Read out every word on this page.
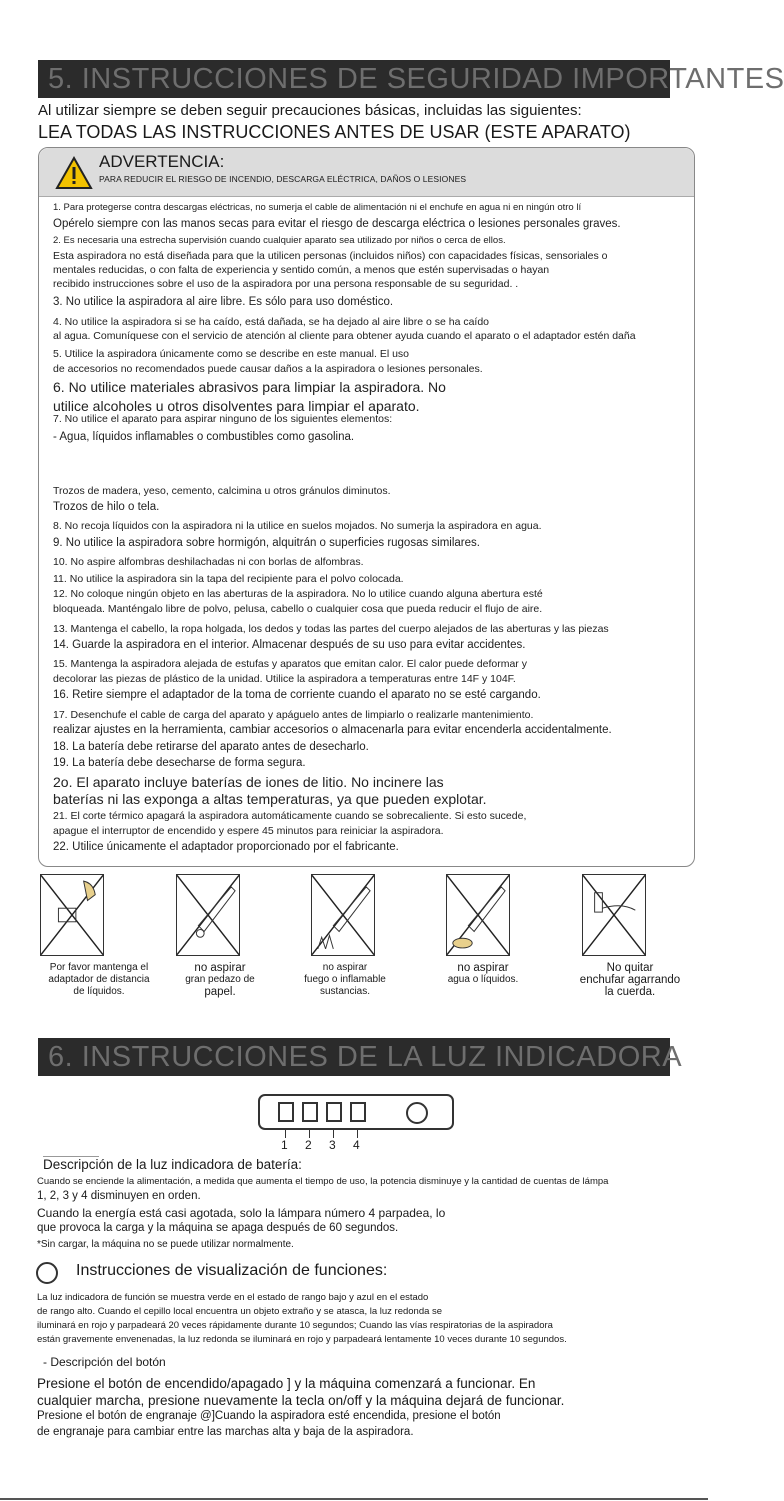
5. INSTRUCCIONES DE SEGURIDAD IMPORTANTES
Al utilizar siempre se deben seguir precauciones básicas, incluidas las siguientes:
LEA TODAS LAS INSTRUCCIONES ANTES DE USAR (ESTE APARATO)
ADVERTENCIA:
PARA REDUCIR EL RIESGO DE INCENDIO, DESCARGA ELÉCTRICA, DAÑOS O LESIONES
1. Para protegerse contra descargas eléctricas, no sumerja el cable de alimentación ni el enchufe en agua ni en ningún otro lí
Opérelo siempre con las manos secas para evitar el riesgo de descarga eléctrica o lesiones personales graves.
2. Es necesaria una estrecha supervisión cuando cualquier aparato sea utilizado por niños o cerca de ellos.
Esta aspiradora no está diseñada para que la utilicen personas (incluidos niños) con capacidades físicas, sensoriales o
mentales reducidas, o con falta de experiencia y sentido común, a menos que estén supervisadas o hayan
recibido instrucciones sobre el uso de la aspiradora por una persona responsable de su seguridad. .
3. No utilice la aspiradora al aire libre. Es sólo para uso doméstico.
4. No utilice la aspiradora si se ha caído, está dañada, se ha dejado al aire libre o se ha caído
al agua. Comuníquese con el servicio de atención al cliente para obtener ayuda cuando el aparato o el adaptador estén daña
5. Utilice la aspiradora únicamente como se describe en este manual. El uso
de accesorios no recomendados puede causar daños a la aspiradora o lesiones personales.
6. No utilice materiales abrasivos para limpiar la aspiradora. No
utilice alcoholes u otros disolventes para limpiar el aparato.
7. No utilice el aparato para aspirar ninguno de los siguientes elementos:
- Agua, líquidos inflamables o combustibles como gasolina.
Trozos de madera, yeso, cemento, calcimina u otros gránulos diminutos.
Trozos de hilo o tela.
8. No recoja líquidos con la aspiradora ni la utilice en suelos mojados. No sumerja la aspiradora en agua.
9. No utilice la aspiradora sobre hormigón, alquitrán o superficies rugosas similares.
10. No aspire alfombras deshilachadas ni con borlas de alfombras.
11. No utilice la aspiradora sin la tapa del recipiente para el polvo colocada.
12. No coloque ningún objeto en las aberturas de la aspiradora. No lo utilice cuando alguna abertura esté
bloqueada. Manténgalo libre de polvo, pelusa, cabello o cualquier cosa que pueda reducir el flujo de aire.
13. Mantenga el cabello, la ropa holgada, los dedos y todas las partes del cuerpo alejados de las aberturas y las piezas
14. Guarde la aspiradora en el interior. Almacenar después de su uso para evitar accidentes.
15. Mantenga la aspiradora alejada de estufas y aparatos que emitan calor. El calor puede deformar y
decolorar las piezas de plástico de la unidad. Utilice la aspiradora a temperaturas entre 14F y 104F.
16. Retire siempre el adaptador de la toma de corriente cuando el aparato no se esté cargando.
17. Desenchufe el cable de carga del aparato y apáguelo antes de limpiarlo o realizarle mantenimiento.
realizar ajustes en la herramienta, cambiar accesorios o almacenarla para evitar encenderla accidentalmente.
18. La batería debe retirarse del aparato antes de desecharlo.
19. La batería debe desecharse de forma segura.
2o. El aparato incluye baterías de iones de litio. No incinere las
baterías ni las exponga a altas temperaturas, ya que pueden explotar.
21. El corte térmico apagará la aspiradora automáticamente cuando se sobrecaliente. Si esto sucede,
apague el interruptor de encendido y espere 45 minutos para reiniciar la aspiradora.
22. Utilice únicamente el adaptador proporcionado por el fabricante.
Por favor mantenga el
adaptador de distancia
de líquidos.
no aspirar
gran pedazo de
papel.
no aspirar
fuego o inflamable
sustancias.
no aspirar
agua o líquidos.
No quitar
enchufar agarrando
la cuerda.
6. INSTRUCCIONES DE LA LUZ INDICADORA
1 2 3 4
Descripción de la luz indicadora de batería:
Cuando se enciende la alimentación, a medida que aumenta el tiempo de uso, la potencia disminuye y la cantidad de cuentas de lámpa
1, 2, 3 y 4 disminuyen en orden.
Cuando la energía está casi agotada, solo la lámpara número 4 parpadea, lo
que provoca la carga y la máquina se apaga después de 60 segundos.
*Sin cargar, la máquina no se puede utilizar normalmente.
Instrucciones de visualización de funciones:
La luz indicadora de función se muestra verde en el estado de rango bajo y azul en el estado
de rango alto. Cuando el cepillo local encuentra un objeto extraño y se atasca, la luz redonda se
iluminará en rojo y parpadeará 20 veces rápidamente durante 10 segundos; Cuando las vías respiratorias de la aspiradora
están gravemente envenenadas, la luz redonda se iluminará en rojo y parpadeará lentamente 10 veces durante 10 segundos.
- Descripción del botón
Presione el botón de encendido/apagado ] y la máquina comenzará a funcionar. En
cualquier marcha, presione nuevamente la tecla on/off y la máquina dejará de funcionar.
Presione el botón de engranaje @]Cuando la aspiradora esté encendida, presione el botón
de engranaje para cambiar entre las marchas alta y baja de la aspiradora.
